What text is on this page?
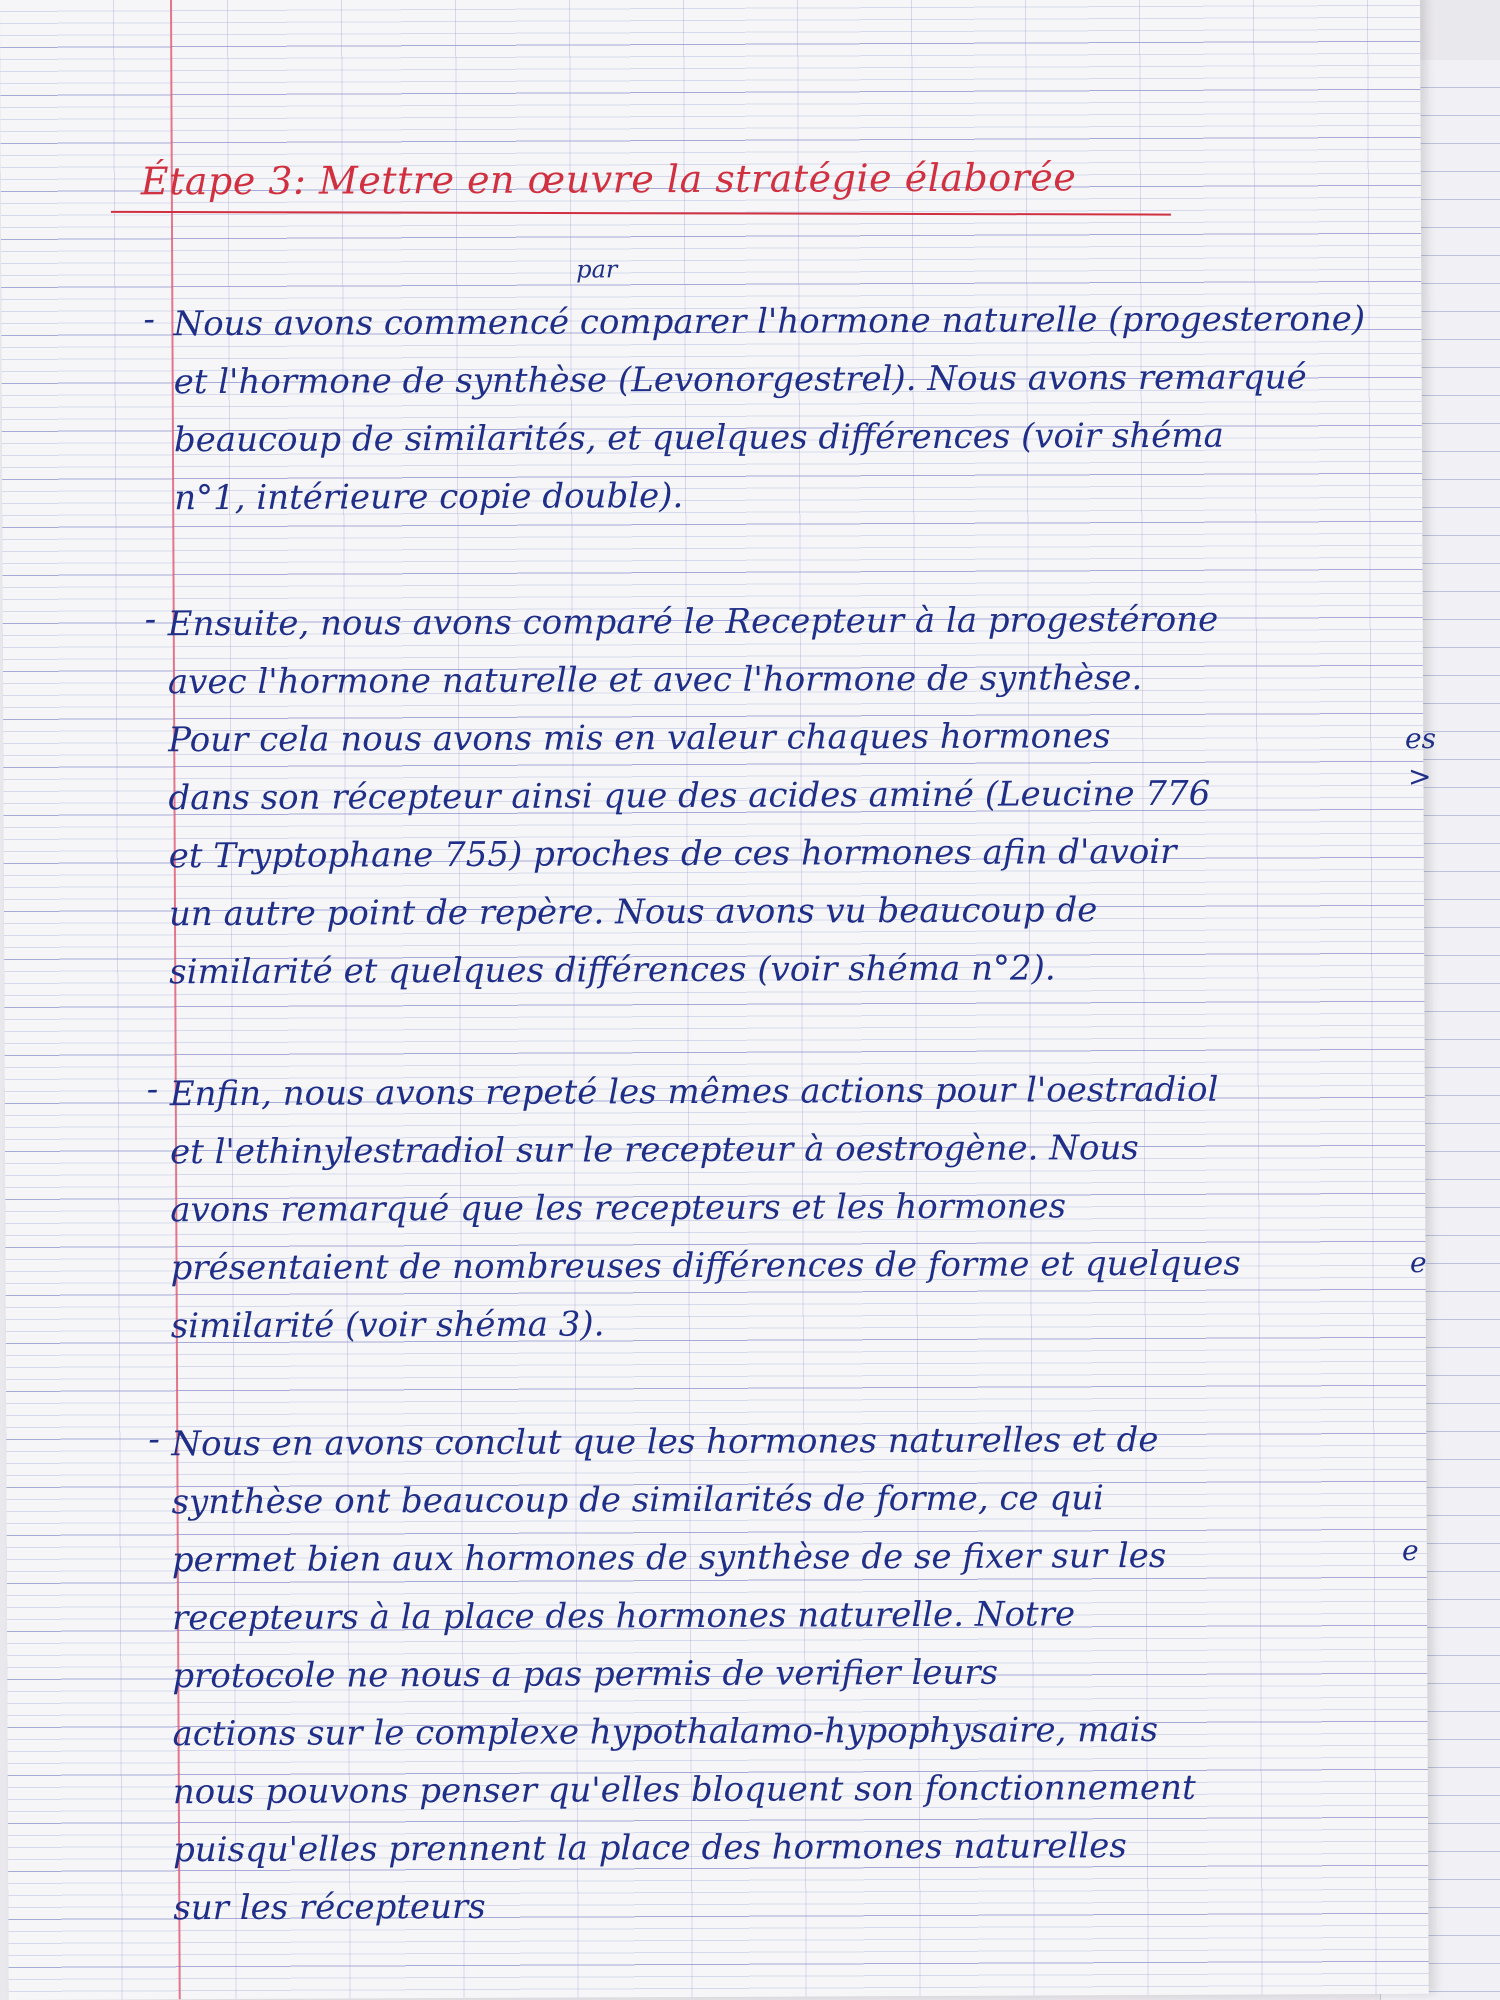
Étape 3: Mettre en œuvre la stratégie élaborée
par
- Nous avons commencé comparer l'hormone naturelle (progesterone)
et l'hormone de synthèse (Levonorgestrel). Nous avons remarqué
beaucoup de similarités, et quelques différences (voir shéma
n°1, intérieure copie double).
- Ensuite, nous avons comparé le Recepteur à la progestérone
avec l'hormone naturelle et avec l'hormone de synthèse.
Pour cela nous avons mis en valeur chaques hormones
dans son récepteur ainsi que des acides aminé (Leucine 776
et Tryptophane 755) proches de ces hormones afin d'avoir
un autre point de repère. Nous avons vu beaucoup de
similarité et quelques différences (voir shéma n°2).
- Enfin, nous avons repeté les mêmes actions pour l'oestradiol
et l'ethinylestradiol sur le recepteur à oestrogène. Nous
avons remarqué que les recepteurs et les hormones
présentaient de nombreuses différences de forme et quelques
similarité (voir shéma 3).
- Nous en avons conclut que les hormones naturelles et de
synthèse ont beaucoup de similarités de forme, ce qui
permet bien aux hormones de synthèse de se fixer sur les
recepteurs à la place des hormones naturelle. Notre
protocole ne nous a pas permis de verifier leurs
actions sur le complexe hypothalamo-hypophysaire, mais
nous pouvons penser qu'elles bloquent son fonctionnement
puisqu'elles prennent la place des hormones naturelles
sur les récepteurs
es
>
e
e
